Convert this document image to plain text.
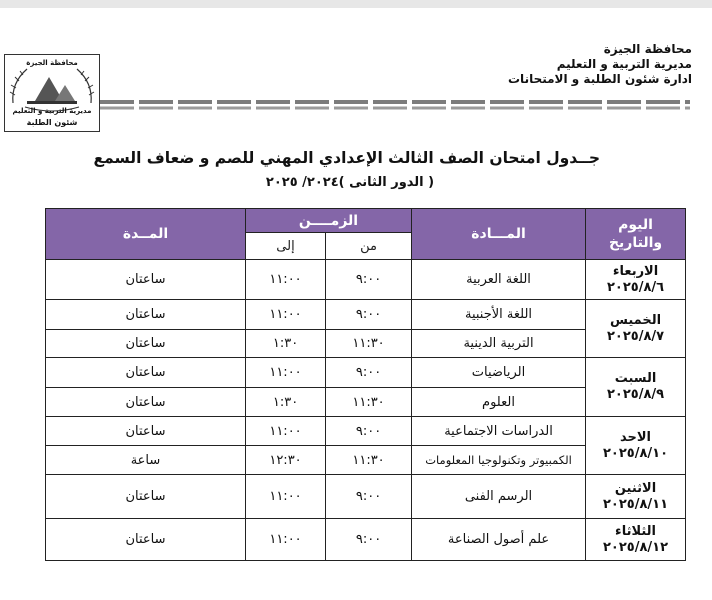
محافظة الجيزة
مديرية التربية و التعليم
ادارة شئون الطلبة و الامتحانات
محافظة الجيزة
مديرية التربية و التعليم
شئون الطلبة
جــدول امتحان الصف الثالث الإعدادي المهني للصم و ضعاف السمع
( الدور الثانى )٢٠٢٤/ ٢٠٢٥
اليوم والتاريخ	المـــادة	الزمــــن		المــدة
		من	إلى	

الاربعاء
٢٠٢٥/٨/٦	اللغة العربية	٩:٠٠	١١:٠٠	ساعتان

الخميس
٢٠٢٥/٨/٧	اللغة الأجنبية	٩:٠٠	١١:٠٠	ساعتان
	التربية الدينية	١١:٣٠	١:٣٠	ساعتان

السبت
٢٠٢٥/٨/٩	الرياضيات	٩:٠٠	١١:٠٠	ساعتان
	العلوم	١١:٣٠	١:٣٠	ساعتان

الاحد
٢٠٢٥/٨/١٠	الدراسات الاجتماعية	٩:٠٠	١١:٠٠	ساعتان
	الكمبيوتر وتكنولوجيا المعلومات	١١:٣٠	١٢:٣٠	ساعة

الاثنين
٢٠٢٥/٨/١١	الرسم الفنى	٩:٠٠	١١:٠٠	ساعتان

الثلاثاء
٢٠٢٥/٨/١٢	علم أصول الصناعة	٩:٠٠	١١:٠٠	ساعتان
